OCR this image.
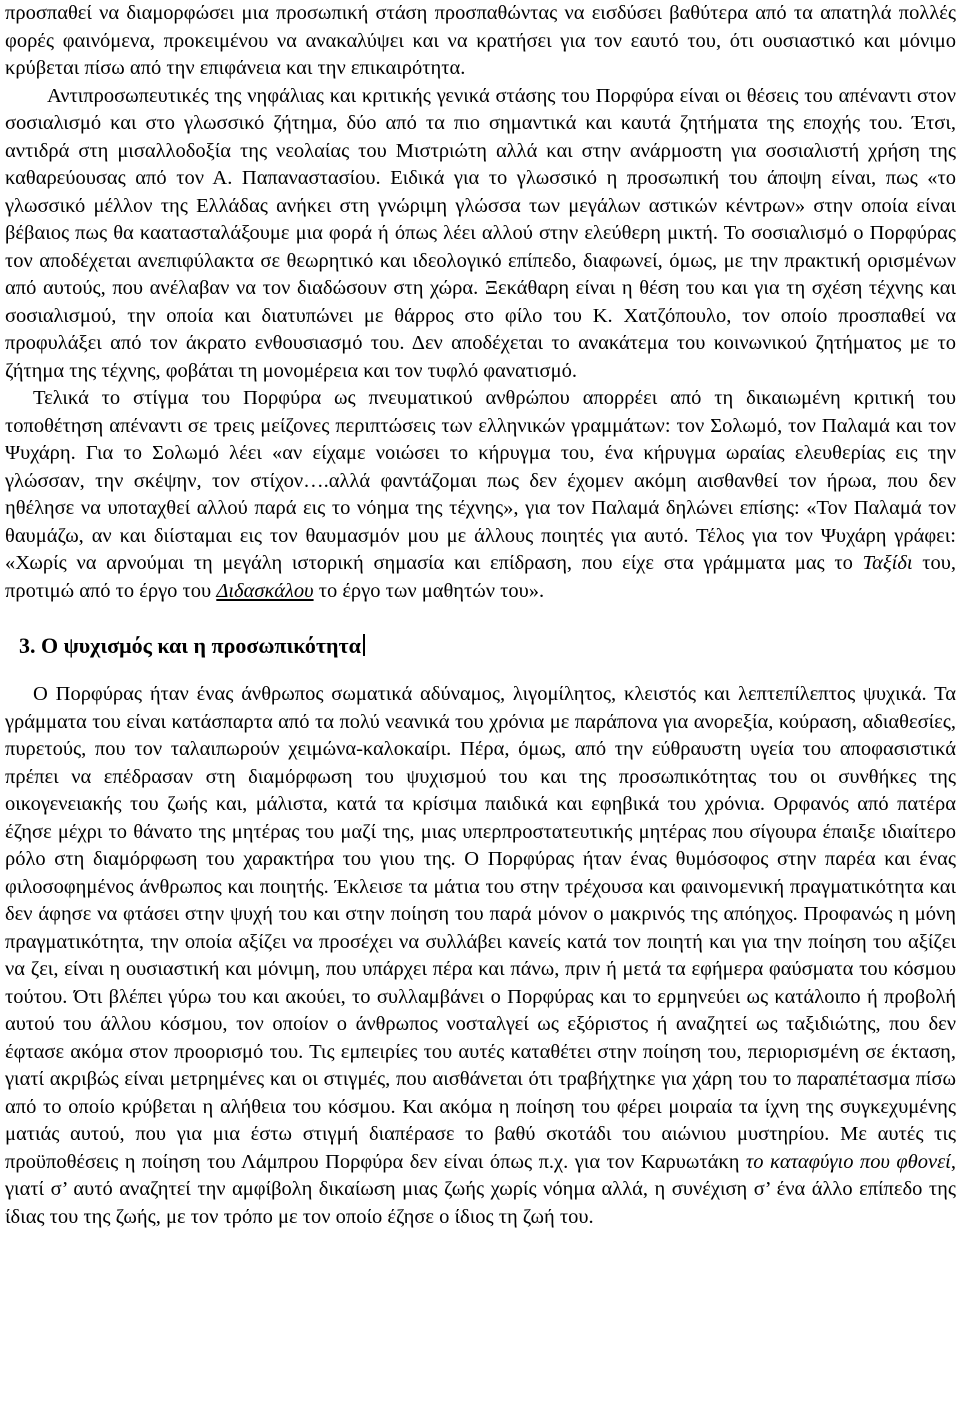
προσπαθεί να διαμορφώσει μια προσωπική στάση προσπαθώντας να εισδύσει βαθύτερα από τα απατηλά πολλές φορές φαινόμενα, προκειμένου να ανακαλύψει και να κρατήσει για τον εαυτό του, ότι ουσιαστικό και μόνιμο κρύβεται πίσω από την επιφάνεια και την επικαιρότητα.
Αντιπροσωπευτικές της νηφάλιας και κριτικής γενικά στάσης του Πορφύρα είναι οι θέσεις του απέναντι στον σοσιαλισμό και στο γλωσσικό ζήτημα, δύο από τα πιο σημαντικά και καυτά ζητήματα της εποχής του. Έτσι, αντιδρά στη μισαλλοδοξία της νεολαίας του Μιστριώτη αλλά και στην ανάρμοστη για σοσιαλιστή χρήση της καθαρεύουσας από τον Α. Παπαναστασίου. Ειδικά για το γλωσσικό η προσωπική του άποψη είναι, πως «το γλωσσικό μέλλον της Ελλάδας ανήκει στη γνώριμη γλώσσα των μεγάλων αστικών κέντρων» στην οποία είναι βέβαιος πως θα καατασταλάξουμε μια φορά ή όπως λέει αλλού στην ελεύθερη μικτή. Το σοσιαλισμό ο Πορφύρας τον αποδέχεται ανεπιφύλακτα σε θεωρητικό και ιδεολογικό επίπεδο, διαφωνεί, όμως, με την πρακτική ορισμένων από αυτούς, που ανέλαβαν να τον διαδώσουν στη χώρα. Ξεκάθαρη είναι η θέση του και για τη σχέση τέχνης και σοσιαλισμού, την οποία και διατυπώνει με θάρρος στο φίλο του Κ. Χατζόπουλο, τον οποίο προσπαθεί να προφυλάξει από τον άκρατο ενθουσιασμό του. Δεν αποδέχεται το ανακάτεμα του κοινωνικού ζητήματος με το ζήτημα της τέχνης, φοβάται τη μονομέρεια και τον τυφλό φανατισμό.

Τελικά το στίγμα του Πορφύρα ως πνευματικού ανθρώπου απορρέει από τη δικαιωμένη κριτική του τοποθέτηση απέναντι σε τρεις μείζονες περιπτώσεις των ελληνικών γραμμάτων: τον Σολωμό, τον Παλαμά και τον Ψυχάρη. Για το Σολωμό λέει «αν είχαμε νοιώσει το κήρυγμα του, ένα κήρυγμα ωραίας ελευθερίας εις την γλώσσαν, την σκέψην, τον στίχον….αλλά φαντάζομαι πως δεν έχομεν ακόμη αισθανθεί τον ήρωα, που δεν ηθέλησε να υποταχθεί αλλού παρά εις το νόημα της τέχνης», για τον Παλαμά δηλώνει επίσης: «Τον Παλαμά τον θαυμάζω, αν και διίσταμαι εις τον θαυμασμόν μου με άλλους ποιητές για αυτό. Τέλος για τον Ψυχάρη γράφει: «Χωρίς να αρνούμαι τη μεγάλη ιστορική σημασία και επίδραση, που είχε στα γράμματα μας το Ταξίδι του, προτιμώ από το έργο του Διδασκάλου το έργο των μαθητών του».

3. Ο ψυχισμός και η προσωπικότητα

Ο Πορφύρας ήταν ένας άνθρωπος σωματικά αδύναμος, λιγομίλητος, κλειστός και λεπτεπίλεπτος ψυχικά. Τα γράμματα του είναι κατάσπαρτα από τα πολύ νεανικά του χρόνια με παράπονα για ανορεξία, κούραση, αδιαθεσίες, πυρετούς, που τον ταλαιπωρούν χειμώνα-καλοκαίρι. Πέρα, όμως, από την εύθραυστη υγεία του αποφασιστικά πρέπει να επέδρασαν στη διαμόρφωση του ψυχισμού του και της προσωπικότητας του οι συνθήκες της οικογενειακής του ζωής και, μάλιστα, κατά τα κρίσιμα παιδικά και εφηβικά του χρόνια. Ορφανός από πατέρα έζησε μέχρι το θάνατο της μητέρας του μαζί της, μιας υπερπροστατευτικής μητέρας που σίγουρα έπαιξε ιδιαίτερο ρόλο στη διαμόρφωση του χαρακτήρα του γιου της. Ο Πορφύρας ήταν ένας θυμόσοφος στην παρέα και ένας φιλοσοφημένος άνθρωπος και ποιητής. Έκλεισε τα μάτια του στην τρέχουσα και φαινομενική πραγματικότητα και δεν άφησε να φτάσει στην ψυχή του και στην ποίηση του παρά μόνον ο μακρινός της απόηχος. Προφανώς η μόνη πραγματικότητα, την οποία αξίζει να προσέχει να συλλάβει κανείς κατά τον ποιητή και για την ποίηση του αξίζει να ζει, είναι η ουσιαστική και μόνιμη, που υπάρχει πέρα και πάνω, πριν ή μετά τα εφήμερα φαύσματα του κόσμου τούτου. Ότι βλέπει γύρω του και ακούει, το συλλαμβάνει ο Πορφύρας και το ερμηνεύει ως κατάλοιπο ή προβολή αυτού του άλλου κόσμου, τον οποίον ο άνθρωπος νοσταλγεί ως εξόριστος ή αναζητεί ως ταξιδιώτης, που δεν έφτασε ακόμα στον προορισμό του. Τις εμπειρίες του αυτές καταθέτει στην ποίηση του, περιορισμένη σε έκταση, γιατί ακριβώς είναι μετρημένες και οι στιγμές, που αισθάνεται ότι τραβήχτηκε για χάρη του το παραπέτασμα πίσω από το οποίο κρύβεται η αλήθεια του κόσμου. Και ακόμα η ποίηση του φέρει μοιραία τα ίχνη της συγκεχυμένης ματιάς αυτού, που για μια έστω στιγμή διαπέρασε το βαθύ σκοτάδι του αιώνιου μυστηρίου. Με αυτές τις προϋποθέσεις η ποίηση του Λάμπρου Πορφύρα δεν είναι όπως π.χ. για τον Καρυωτάκη το καταφύγιο που φθονεί, γιατί σ’ αυτό αναζητεί την αμφίβολη δικαίωση μιας ζωής χωρίς νόημα αλλά, η συνέχιση σ’ ένα άλλο επίπεδο της ίδιας του της ζωής, με τον τρόπο με τον οποίο έζησε ο ίδιος τη ζωή του.
